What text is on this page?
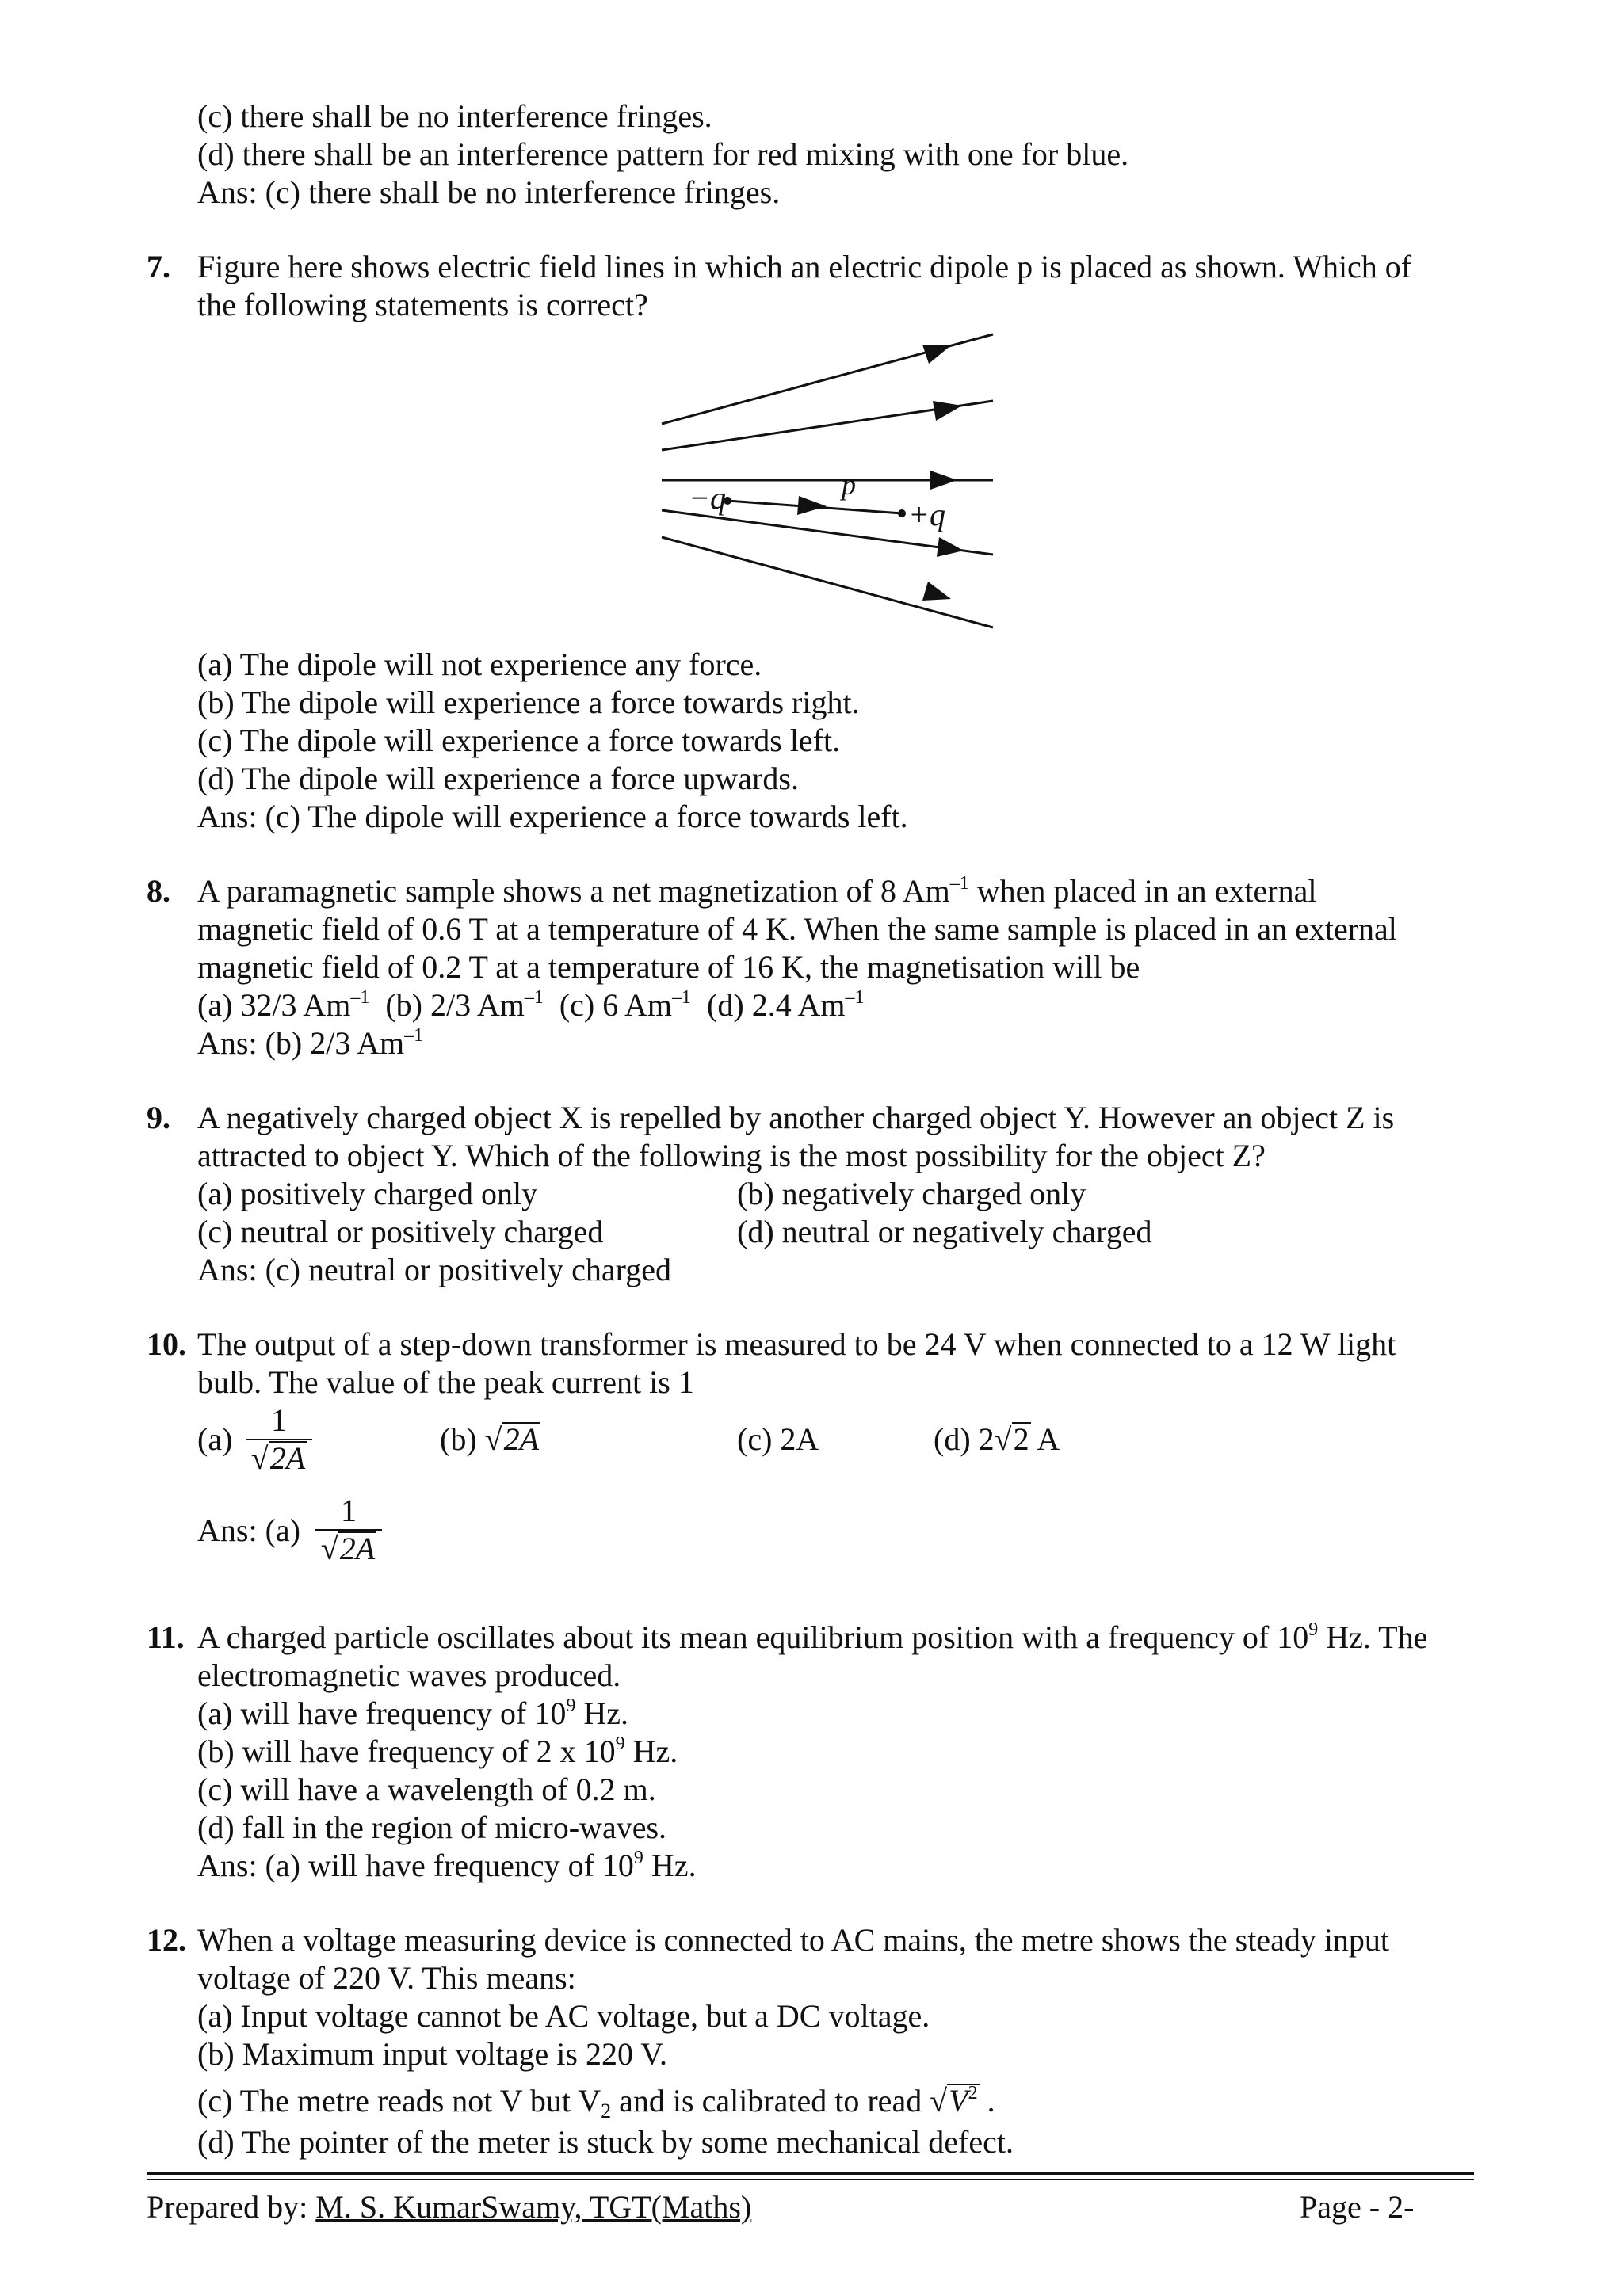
(c) there shall be no interference fringes.
(d) there shall be an interference pattern for red mixing with one for blue.
Ans: (c) there shall be no interference fringes.
7. Figure here shows electric field lines in which an electric dipole p is placed as shown. Which of
the following statements is correct?
−q	p
+q
(a) The dipole will not experience any force.
(b) The dipole will experience a force towards right.
(c) The dipole will experience a force towards left.
(d) The dipole will experience a force upwards.
Ans: (c) The dipole will experience a force towards left.
8. A paramagnetic sample shows a net magnetization of 8 $Am^{-1}$ when placed in an external
magnetic field of 0.6 T at a temperature of 4 K. When the same sample is placed in an external
magnetic field of 0.2 T at a temperature of 16 K, the magnetisation will be
(a) 32/3 $Am^{-1}$ (b) 2/3 $Am^{-1}$ (c) 6 $Am^{-1}$ (d) 2.4 $Am^{-1}$
Ans: (b) 2/3 $Am^{-1}$
9. A negatively charged object X is repelled by another charged object Y. However an object Z is
attracted to object Y. Which of the following is the most possibility for the object Z?
(a) positively charged only	(b) negatively charged only
(c) neutral or positively charged	(d) neutral or negatively charged
Ans: (c) neutral or positively charged
10. The output of a step-down transformer is measured to be 24 V when connected to a 12 W light
bulb. The value of the peak current is 1
(a)
1
√2A
(b) √2A	(c) 2A	(d) 2√2 A
Ans: (a)
1
√2A
11. A charged particle oscillates about its mean equilibrium position with a frequency of $10^9$ Hz. The
electromagnetic waves produced.
(a) will have frequency of $10^9$ Hz.
(b) will have frequency of 2 x $10^9$ Hz.
(c) will have a wavelength of 0.2 m.
(d) fall in the region of micro-waves.
Ans: (a) will have frequency of $10^9$ Hz.
12. When a voltage measuring device is connected to AC mains, the metre shows the steady input
voltage of 220 V. This means:
(a) Input voltage cannot be AC voltage, but a DC voltage.
(b) Maximum input voltage is 220 V.
(c) The metre reads not V but $V_2$ and is calibrated to read $√V^2$ .
(d) The pointer of the meter is stuck by some mechanical defect.
Prepared by: M. S. KumarSwamy, TGT(Maths)	Page - 2-
